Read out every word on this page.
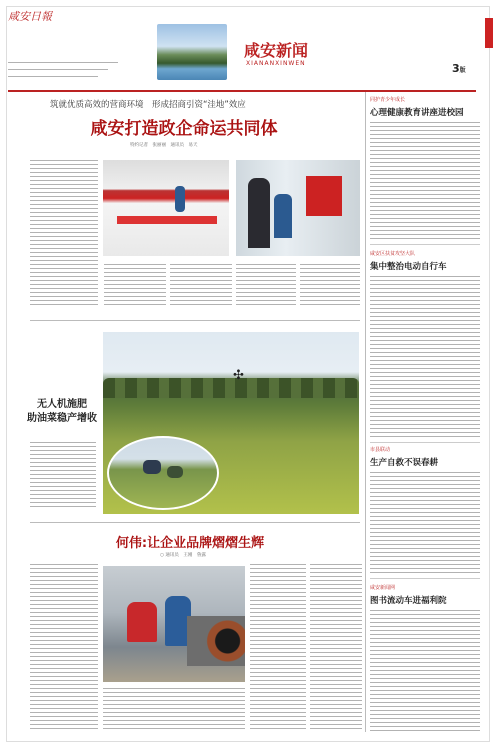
咸安日報
咸安新闻
XIANANXINWEN	3版
筑就优质高效的营商环境　形成招商引资“洼地”效应
咸安打造政企命运共同体
特约记者　张丽丽　通讯员　易天
✣
无人机施肥
助油菜稳产增收
何伟:让企业品牌熠熠生辉
○ 通讯员　王刚　鲁露
同护青少年成长
心理健康教育讲座进校园
咸安区扶贫攻坚大队
集中整治电动自行车
市县联动
生产自救不误春耕
咸安新闻网
图书流动车进福利院
